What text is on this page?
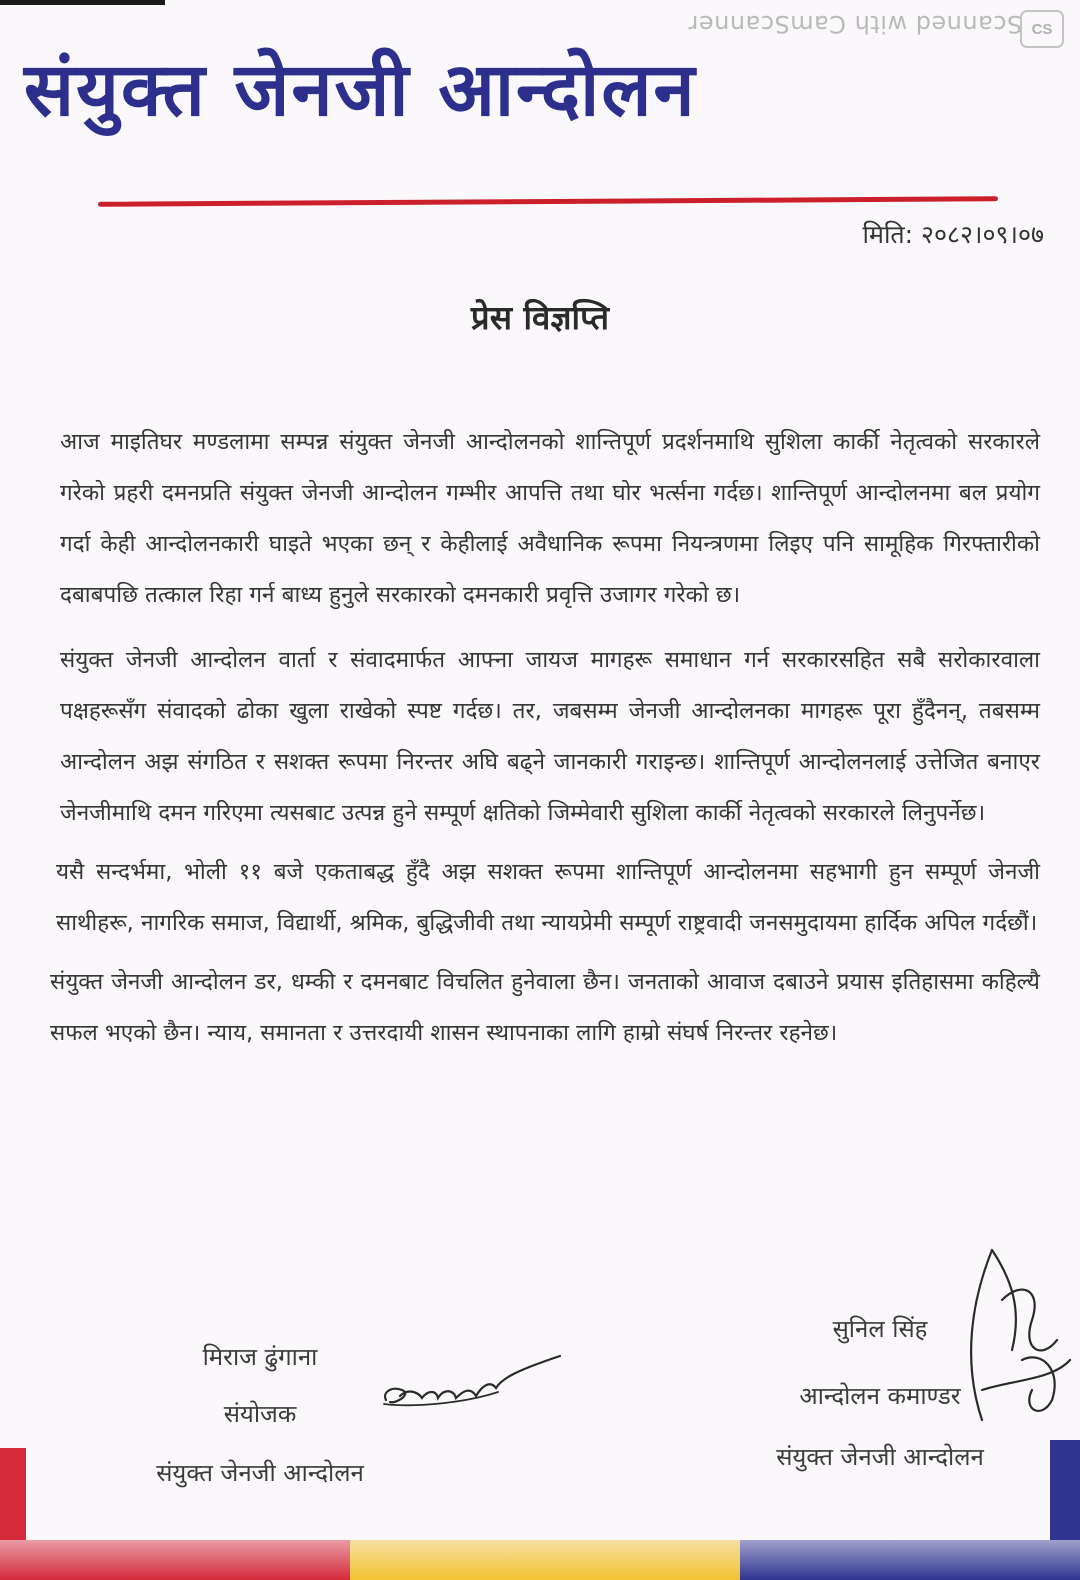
Scanned with CamScanner CS
संयुक्त जेनजी आन्दोलन
मिति: २०८२।०९।०७
प्रेस विज्ञप्ति

आज माइतिघर मण्डलामा सम्पन्न संयुक्त जेनजी आन्दोलनको शान्तिपूर्ण प्रदर्शनमाथि सुशिला कार्की नेतृत्वको सरकारले गरेको प्रहरी दमनप्रति संयुक्त जेनजी आन्दोलन गम्भीर आपत्ति तथा घोर भर्त्सना गर्दछ। शान्तिपूर्ण आन्दोलनमा बल प्रयोग गर्दा केही आन्दोलनकारी घाइते भएका छन् र केहीलाई अवैधानिक रूपमा नियन्त्रणमा लिइए पनि सामूहिक गिरफ्तारीको दबाबपछि तत्काल रिहा गर्न बाध्य हुनुले सरकारको दमनकारी प्रवृत्ति उजागर गरेको छ।

संयुक्त जेनजी आन्दोलन वार्ता र संवादमार्फत आफ्ना जायज मागहरू समाधान गर्न सरकारसहित सबै सरोकारवाला पक्षहरूसँग संवादको ढोका खुला राखेको स्पष्ट गर्दछ। तर, जबसम्म जेनजी आन्दोलनका मागहरू पूरा हुँदैनन्, तबसम्म आन्दोलन अझ संगठित र सशक्त रूपमा निरन्तर अघि बढ्ने जानकारी गराइन्छ। शान्तिपूर्ण आन्दोलनलाई उत्तेजित बनाएर जेनजीमाथि दमन गरिएमा त्यसबाट उत्पन्न हुने सम्पूर्ण क्षतिको जिम्मेवारी सुशिला कार्की नेतृत्वको सरकारले लिनुपर्नेछ।

यसै सन्दर्भमा, भोली ११ बजे एकताबद्ध हुँदै अझ सशक्त रूपमा शान्तिपूर्ण आन्दोलनमा सहभागी हुन सम्पूर्ण जेनजी साथीहरू, नागरिक समाज, विद्यार्थी, श्रमिक, बुद्धिजीवी तथा न्यायप्रेमी सम्पूर्ण राष्ट्रवादी जनसमुदायमा हार्दिक अपिल गर्दछौं।

संयुक्त जेनजी आन्दोलन डर, धम्की र दमनबाट विचलित हुनेवाला छैन। जनताको आवाज दबाउने प्रयास इतिहासमा कहिल्यै सफल भएको छैन। न्याय, समानता र उत्तरदायी शासन स्थापनाका लागि हाम्रो संघर्ष निरन्तर रहनेछ।

मिराज ढुंगाना
संयोजक
संयुक्त जेनजी आन्दोलन
सुनिल सिंह
आन्दोलन कमाण्डर
संयुक्त जेनजी आन्दोलन
